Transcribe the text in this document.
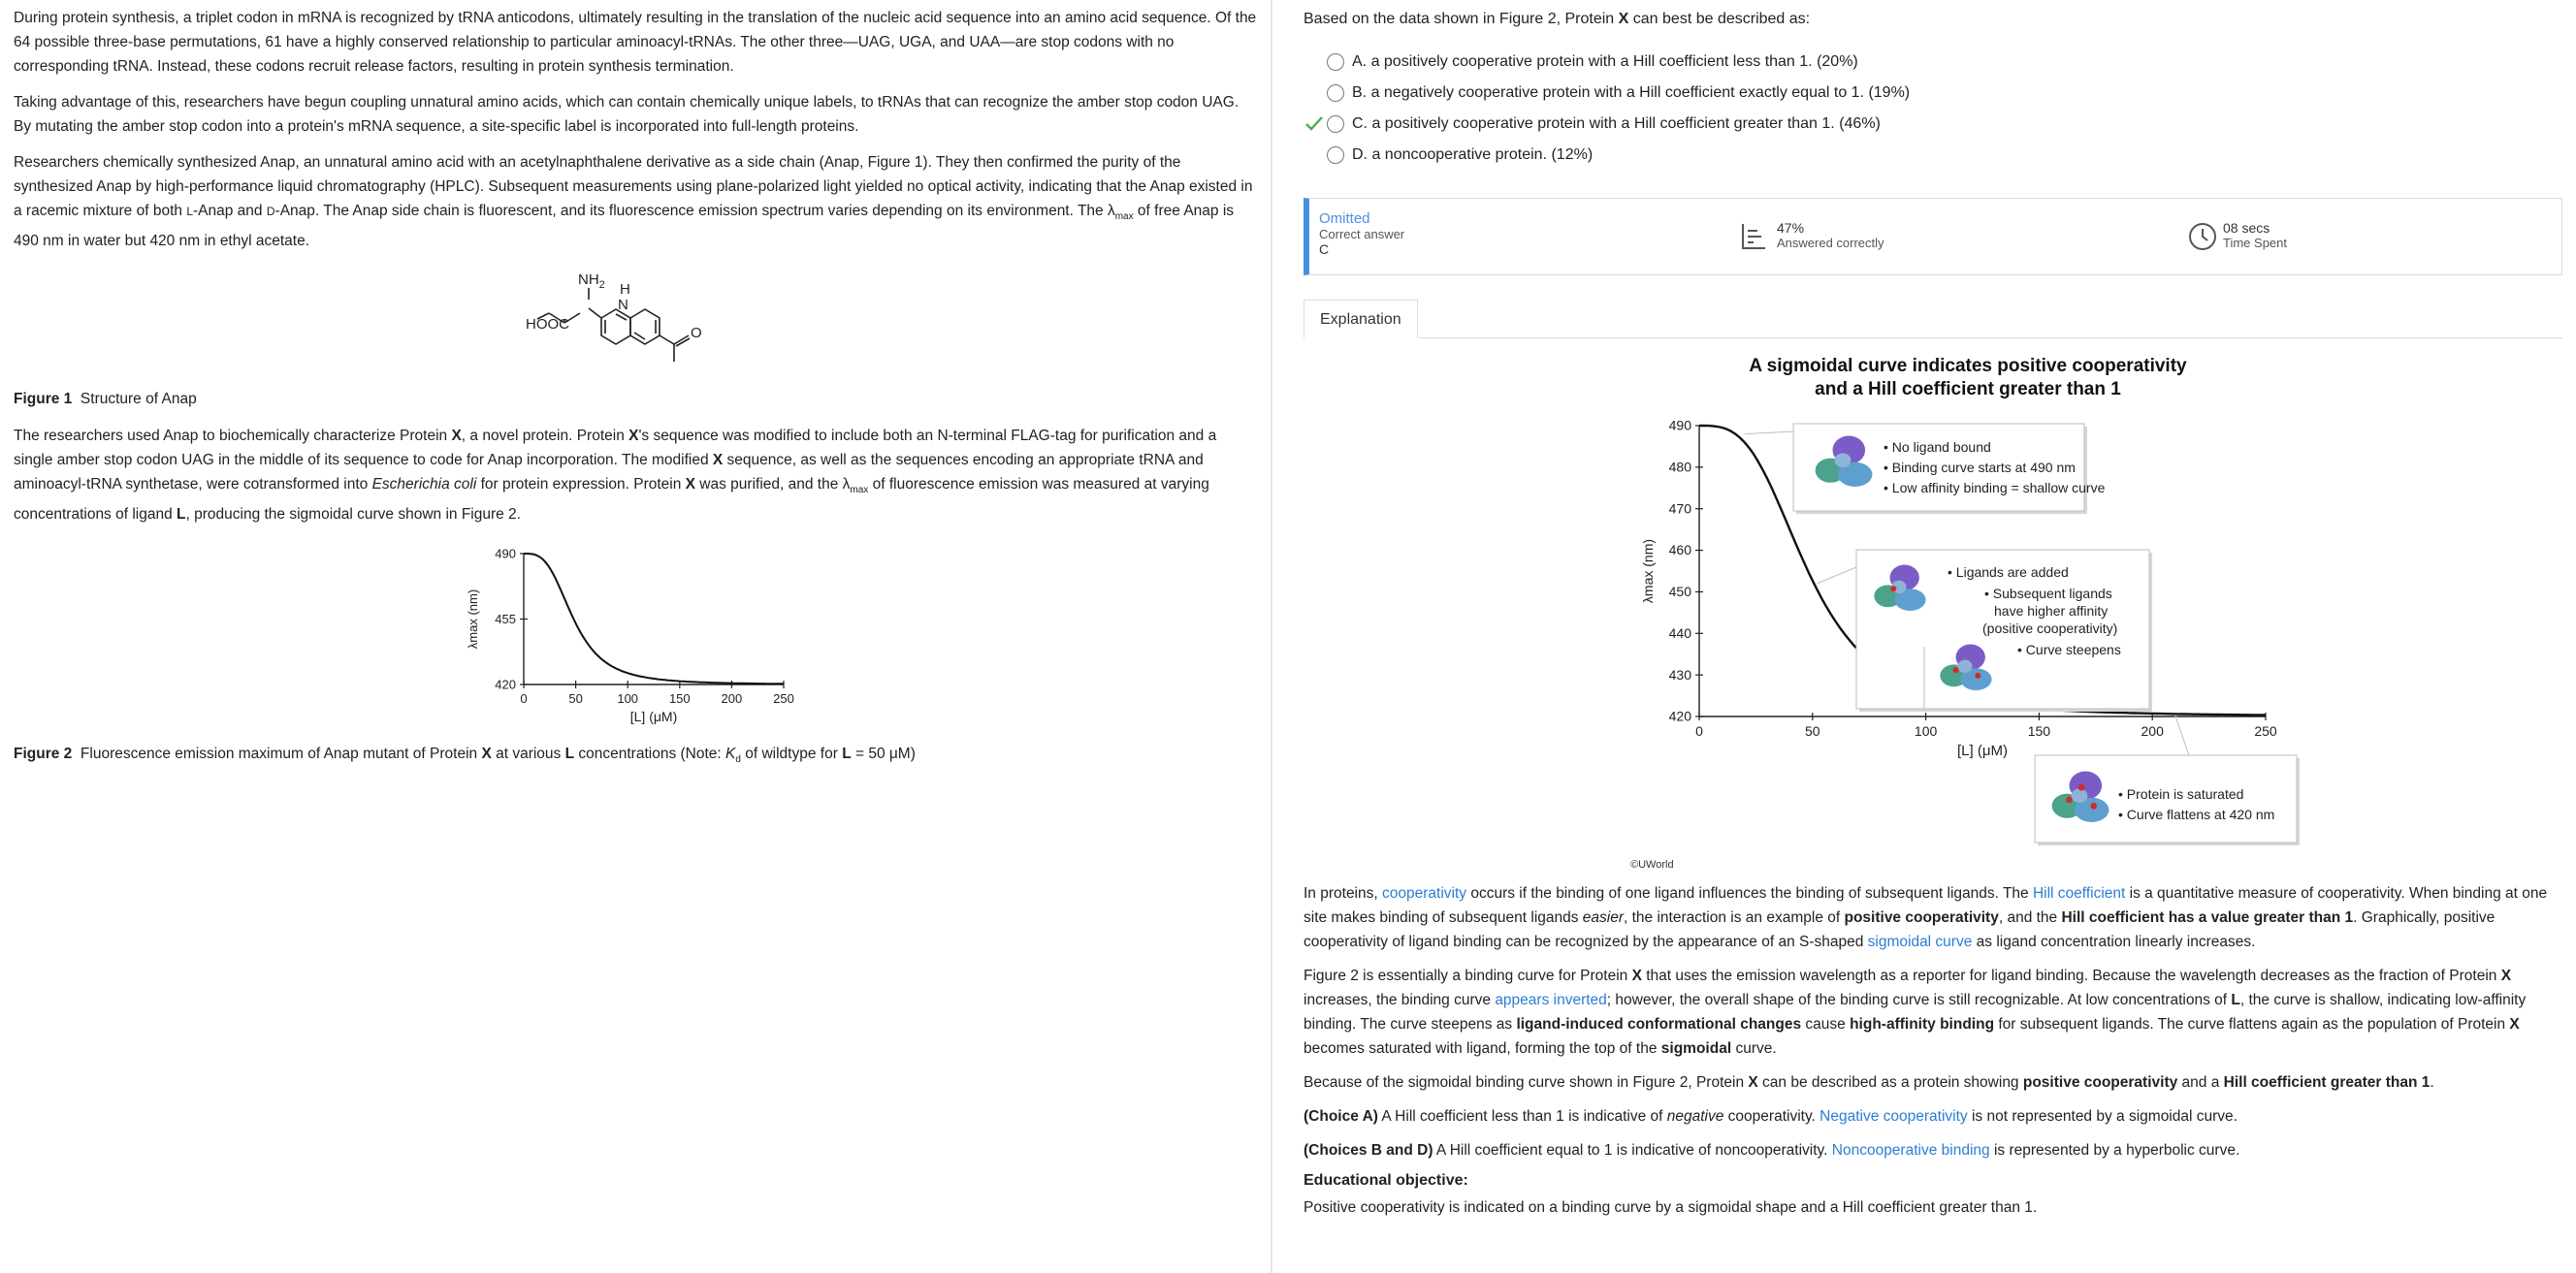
During protein synthesis, a triplet codon in mRNA is recognized by tRNA anticodons, ultimately resulting in the translation of the nucleic acid sequence into an amino acid sequence. Of the 64 possible three-base permutations, 61 have a highly conserved relationship to particular aminoacyl-tRNAs. The other three—UAG, UGA, and UAA—are stop codons with no corresponding tRNA. Instead, these codons recruit release factors, resulting in protein synthesis termination.

Taking advantage of this, researchers have begun coupling unnatural amino acids, which can contain chemically unique labels, to tRNAs that can recognize the amber stop codon UAG. By mutating the amber stop codon into a protein's mRNA sequence, a site-specific label is incorporated into full-length proteins.

Researchers chemically synthesized Anap, an unnatural amino acid with an acetylnaphthalene derivative as a side chain (Anap, Figure 1). They then confirmed the purity of the synthesized Anap by high-performance liquid chromatography (HPLC). Subsequent measurements using plane-polarized light yielded no optical activity, indicating that the Anap existed in a racemic mixture of both L-Anap and D-Anap. The Anap side chain is fluorescent, and its fluorescence emission spectrum varies depending on its environment. The $\lambda_{max}$ of free Anap is 490 nm in water but 420 nm in ethyl acetate.

$NH_2$ H
N
HOOC
O

Figure 1 Structure of Anap

The researchers used Anap to biochemically characterize Protein X, a novel protein. Protein X's sequence was modified to include both an N-terminal FLAG-tag for purification and a single amber stop codon UAG in the middle of its sequence to code for Anap incorporation. The modified X sequence, as well as the sequences encoding an appropriate tRNA and aminoacyl-tRNA synthetase, were cotransformed into Escherichia coli for protein expression. Protein X was purified, and the $\lambda_{max}$ of fluorescence emission was measured at varying concentrations of ligand L, producing the sigmoidal curve shown in Figure 2.

0	50	100 150 200 250
420
455
490
[L] (μM)
λmax (nm)

Figure 2 Fluorescence emission maximum of Anap mutant of Protein X at various L concentrations (Note: $K_d$ of wildtype for L = 50 μM)

Based on the data shown in Figure 2, Protein X can best be described as:

A. a positively cooperative protein with a Hill coefficient less than 1. (20%)
B. a negatively cooperative protein with a Hill coefficient exactly equal to 1. (19%)
C. a positively cooperative protein with a Hill coefficient greater than 1. (46%)
D. a noncooperative protein. (12%)
Omitted
Correct answer
C
47%
Answered correctly
08 secs
Time Spent
Explanation
A sigmoidal curve indicates positive cooperativity
and a Hill coefficient greater than 1
0	50	100	150	200	250
420
430
440
450
460
470
480
490
[L] (μM)
λmax (nm)
• No ligand bound
• Binding curve starts at 490 nm
• Low affinity binding = shallow curve
• Ligands are added
• Subsequent ligands
have higher affinity
(positive cooperativity)
• Curve steepens
• Protein is saturated
• Curve flattens at 420 nm
©UWorld

In proteins, cooperativity occurs if the binding of one ligand influences the binding of subsequent ligands. The Hill coefficient is a quantitative measure of cooperativity. When binding at one site makes binding of subsequent ligands easier, the interaction is an example of positive cooperativity, and the Hill coefficient has a value greater than 1. Graphically, positive cooperativity of ligand binding can be recognized by the appearance of an S-shaped sigmoidal curve as ligand concentration linearly increases.

Figure 2 is essentially a binding curve for Protein X that uses the emission wavelength as a reporter for ligand binding. Because the wavelength decreases as the fraction of Protein X increases, the binding curve appears inverted; however, the overall shape of the binding curve is still recognizable. At low concentrations of L, the curve is shallow, indicating low-affinity binding. The curve steepens as ligand-induced conformational changes cause high-affinity binding for subsequent ligands. The curve flattens again as the population of Protein X becomes saturated with ligand, forming the top of the sigmoidal curve.

Because of the sigmoidal binding curve shown in Figure 2, Protein X can be described as a protein showing positive cooperativity and a Hill coefficient greater than 1.

(Choice A) A Hill coefficient less than 1 is indicative of negative cooperativity. Negative cooperativity is not represented by a sigmoidal curve.

(Choices B and D) A Hill coefficient equal to 1 is indicative of noncooperativity. Noncooperative binding is represented by a hyperbolic curve.

Educational objective:

Positive cooperativity is indicated on a binding curve by a sigmoidal shape and a Hill coefficient greater than 1.
